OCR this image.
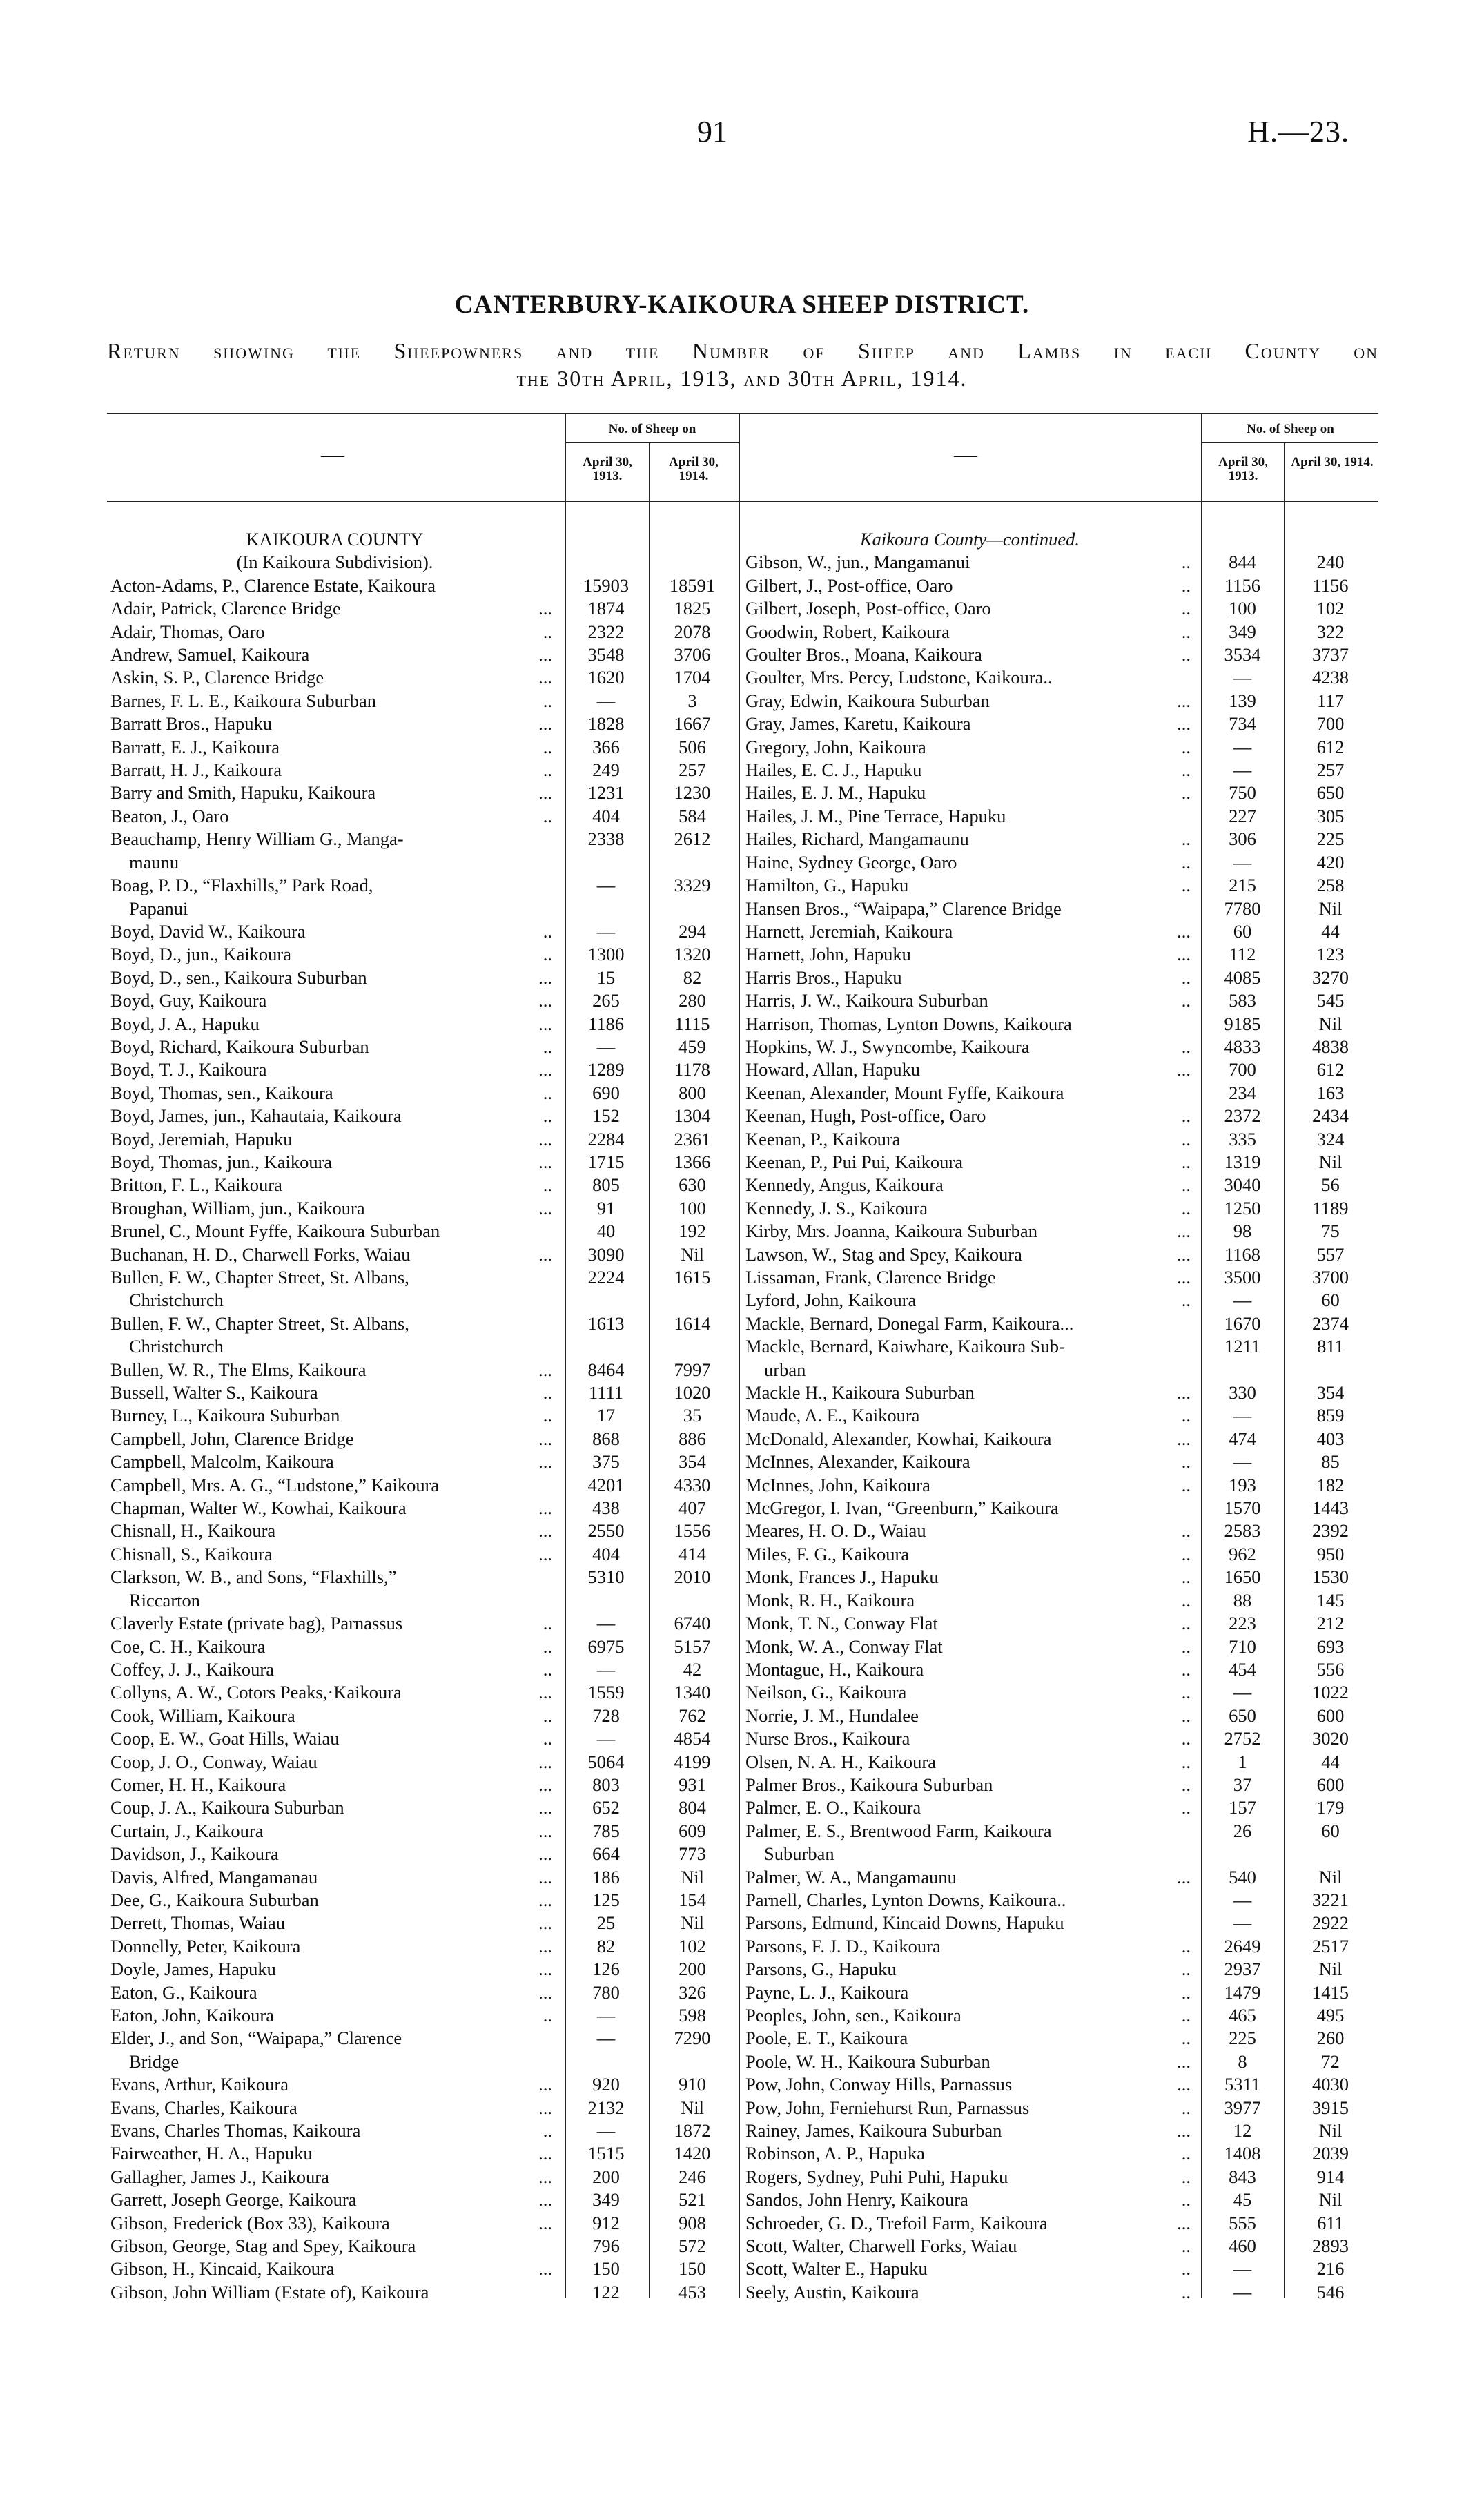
91	H.—23.
CANTERBURY-KAIKOURA SHEEP DISTRICT.
Return showing the Sheepowners and the Number of Sheep and Lambs in each County on
the 30th April, 1913, and 30th April, 1914.
—
No. of Sheep on
April 30, 1913.
April 30, 1914.
—
No. of Sheep on
April 30, 1913.
April 30, 1914.
KAIKOURA COUNTY
(In Kaikoura Subdivision).
Acton-Adams, P., Clarence Estate, Kaikoura	15903	18591
Adair, Patrick, Clarence Bridge	...	1874	1825
Adair, Thomas, Oaro	..	2322	2078
Andrew, Samuel, Kaikoura	...	3548	3706
Askin, S. P., Clarence Bridge	...	1620	1704
Barnes, F. L. E., Kaikoura Suburban	..	—	3
Barratt Bros., Hapuku	...	1828	1667
Barratt, E. J., Kaikoura	..	366	506
Barratt, H. J., Kaikoura	..	249	257
Barry and Smith, Hapuku, Kaikoura	...	1231	1230
Beaton, J., Oaro	..	404	584
Beauchamp, Henry William G., Manga-
maunu
2338	2612
Boag, P. D., “Flaxhills,” Park Road,
Papanui
—	3329
Boyd, David W., Kaikoura	..	—	294
Boyd, D., jun., Kaikoura	..	1300	1320
Boyd, D., sen., Kaikoura Suburban	...	15	82
Boyd, Guy, Kaikoura	...	265	280
Boyd, J. A., Hapuku	...	1186	1115
Boyd, Richard, Kaikoura Suburban	..	—	459
Boyd, T. J., Kaikoura	...	1289	1178
Boyd, Thomas, sen., Kaikoura	..	690	800
Boyd, James, jun., Kahautaia, Kaikoura	..	152	1304
Boyd, Jeremiah, Hapuku	...	2284	2361
Boyd, Thomas, jun., Kaikoura	...	1715	1366
Britton, F. L., Kaikoura	..	805	630
Broughan, William, jun., Kaikoura	...	91	100
Brunel, C., Mount Fyffe, Kaikoura Suburban	40	192
Buchanan, H. D., Charwell Forks, Waiau	...	3090	Nil
Bullen, F. W., Chapter Street, St. Albans,
Christchurch
2224	1615
Bullen, F. W., Chapter Street, St. Albans,
Christchurch
1613	1614
Bullen, W. R., The Elms, Kaikoura	...	8464	7997
Bussell, Walter S., Kaikoura	..	1111	1020
Burney, L., Kaikoura Suburban	..	17	35
Campbell, John, Clarence Bridge	...	868	886
Campbell, Malcolm, Kaikoura	...	375	354
Campbell, Mrs. A. G., “Ludstone,” Kaikoura	4201	4330
Chapman, Walter W., Kowhai, Kaikoura	...	438	407
Chisnall, H., Kaikoura	...	2550	1556
Chisnall, S., Kaikoura	...	404	414
Clarkson, W. B., and Sons, “Flaxhills,”
Riccarton
5310	2010
Claverly Estate (private bag), Parnassus	..	—	6740
Coe, C. H., Kaikoura	..	6975	5157
Coffey, J. J., Kaikoura	..	—	42
Collyns, A. W., Cotors Peaks,·Kaikoura	...	1559	1340
Cook, William, Kaikoura	..	728	762
Coop, E. W., Goat Hills, Waiau	..	—	4854
Coop, J. O., Conway, Waiau	...	5064	4199
Comer, H. H., Kaikoura	...	803	931
Coup, J. A., Kaikoura Suburban	...	652	804
Curtain, J., Kaikoura	...	785	609
Davidson, J., Kaikoura	...	664	773
Davis, Alfred, Mangamanau	...	186	Nil
Dee, G., Kaikoura Suburban	...	125	154
Derrett, Thomas, Waiau	...	25	Nil
Donnelly, Peter, Kaikoura	...	82	102
Doyle, James, Hapuku	...	126	200
Eaton, G., Kaikoura	...	780	326
Eaton, John, Kaikoura	..	—	598
Elder, J., and Son, “Waipapa,” Clarence
Bridge
—	7290
Evans, Arthur, Kaikoura	...	920	910
Evans, Charles, Kaikoura	...	2132	Nil
Evans, Charles Thomas, Kaikoura	..	—	1872
Fairweather, H. A., Hapuku	...	1515	1420
Gallagher, James J., Kaikoura	...	200	246
Garrett, Joseph George, Kaikoura	...	349	521
Gibson, Frederick (Box 33), Kaikoura	...	912	908
Gibson, George, Stag and Spey, Kaikoura	796	572
Gibson, H., Kincaid, Kaikoura	...	150	150
Gibson, John William (Estate of), Kaikoura	122	453
Kaikoura County—continued.
Gibson, W., jun., Mangamanui	..	844	240
Gilbert, J., Post-office, Oaro	..	1156	1156
Gilbert, Joseph, Post-office, Oaro	..	100	102
Goodwin, Robert, Kaikoura	..	349	322
Goulter Bros., Moana, Kaikoura	..	3534	3737
Goulter, Mrs. Percy, Ludstone, Kaikoura..	—	4238
Gray, Edwin, Kaikoura Suburban	...	139	117
Gray, James, Karetu, Kaikoura	...	734	700
Gregory, John, Kaikoura	..	—	612
Hailes, E. C. J., Hapuku	..	—	257
Hailes, E. J. M., Hapuku	..	750	650
Hailes, J. M., Pine Terrace, Hapuku	227	305
Hailes, Richard, Mangamaunu	..	306	225
Haine, Sydney George, Oaro	..	—	420
Hamilton, G., Hapuku	..	215	258
Hansen Bros., “Waipapa,” Clarence Bridge	7780	Nil
Harnett, Jeremiah, Kaikoura	...	60	44
Harnett, John, Hapuku	...	112	123
Harris Bros., Hapuku	..	4085	3270
Harris, J. W., Kaikoura Suburban	..	583	545
Harrison, Thomas, Lynton Downs, Kaikoura	9185	Nil
Hopkins, W. J., Swyncombe, Kaikoura	..	4833	4838
Howard, Allan, Hapuku	...	700	612
Keenan, Alexander, Mount Fyffe, Kaikoura	234	163
Keenan, Hugh, Post-office, Oaro	..	2372	2434
Keenan, P., Kaikoura	..	335	324
Keenan, P., Pui Pui, Kaikoura	..	1319	Nil
Kennedy, Angus, Kaikoura	..	3040	56
Kennedy, J. S., Kaikoura	..	1250	1189
Kirby, Mrs. Joanna, Kaikoura Suburban	...	98	75
Lawson, W., Stag and Spey, Kaikoura	...	1168	557
Lissaman, Frank, Clarence Bridge	...	3500	3700
Lyford, John, Kaikoura	..	—	60
Mackle, Bernard, Donegal Farm, Kaikoura...	1670	2374
Mackle, Bernard, Kaiwhare, Kaikoura Sub-
urban
1211	811
Mackle H., Kaikoura Suburban	...	330	354
Maude, A. E., Kaikoura	..	—	859
McDonald, Alexander, Kowhai, Kaikoura	...	474	403
McInnes, Alexander, Kaikoura	..	—	85
McInnes, John, Kaikoura	..	193	182
McGregor, I. Ivan, “Greenburn,” Kaikoura	1570	1443
Meares, H. O. D., Waiau	..	2583	2392
Miles, F. G., Kaikoura	..	962	950
Monk, Frances J., Hapuku	..	1650	1530
Monk, R. H., Kaikoura	..	88	145
Monk, T. N., Conway Flat	..	223	212
Monk, W. A., Conway Flat	..	710	693
Montague, H., Kaikoura	..	454	556
Neilson, G., Kaikoura	..	—	1022
Norrie, J. M., Hundalee	..	650	600
Nurse Bros., Kaikoura	..	2752	3020
Olsen, N. A. H., Kaikoura	..	1	44
Palmer Bros., Kaikoura Suburban	..	37	600
Palmer, E. O., Kaikoura	..	157	179
Palmer, E. S., Brentwood Farm, Kaikoura
Suburban
26	60
Palmer, W. A., Mangamaunu	...	540	Nil
Parnell, Charles, Lynton Downs, Kaikoura..	—	3221
Parsons, Edmund, Kincaid Downs, Hapuku	—	2922
Parsons, F. J. D., Kaikoura	..	2649	2517
Parsons, G., Hapuku	..	2937	Nil
Payne, L. J., Kaikoura	..	1479	1415
Peoples, John, sen., Kaikoura	..	465	495
Poole, E. T., Kaikoura	..	225	260
Poole, W. H., Kaikoura Suburban	...	8	72
Pow, John, Conway Hills, Parnassus	...	5311	4030
Pow, John, Ferniehurst Run, Parnassus	..	3977	3915
Rainey, James, Kaikoura Suburban	...	12	Nil
Robinson, A. P., Hapuka	..	1408	2039
Rogers, Sydney, Puhi Puhi, Hapuku	..	843	914
Sandos, John Henry, Kaikoura	..	45	Nil
Schroeder, G. D., Trefoil Farm, Kaikoura	...	555	611
Scott, Walter, Charwell Forks, Waiau	..	460	2893
Scott, Walter E., Hapuku	..	—	216
Seely, Austin, Kaikoura	..	—	546
